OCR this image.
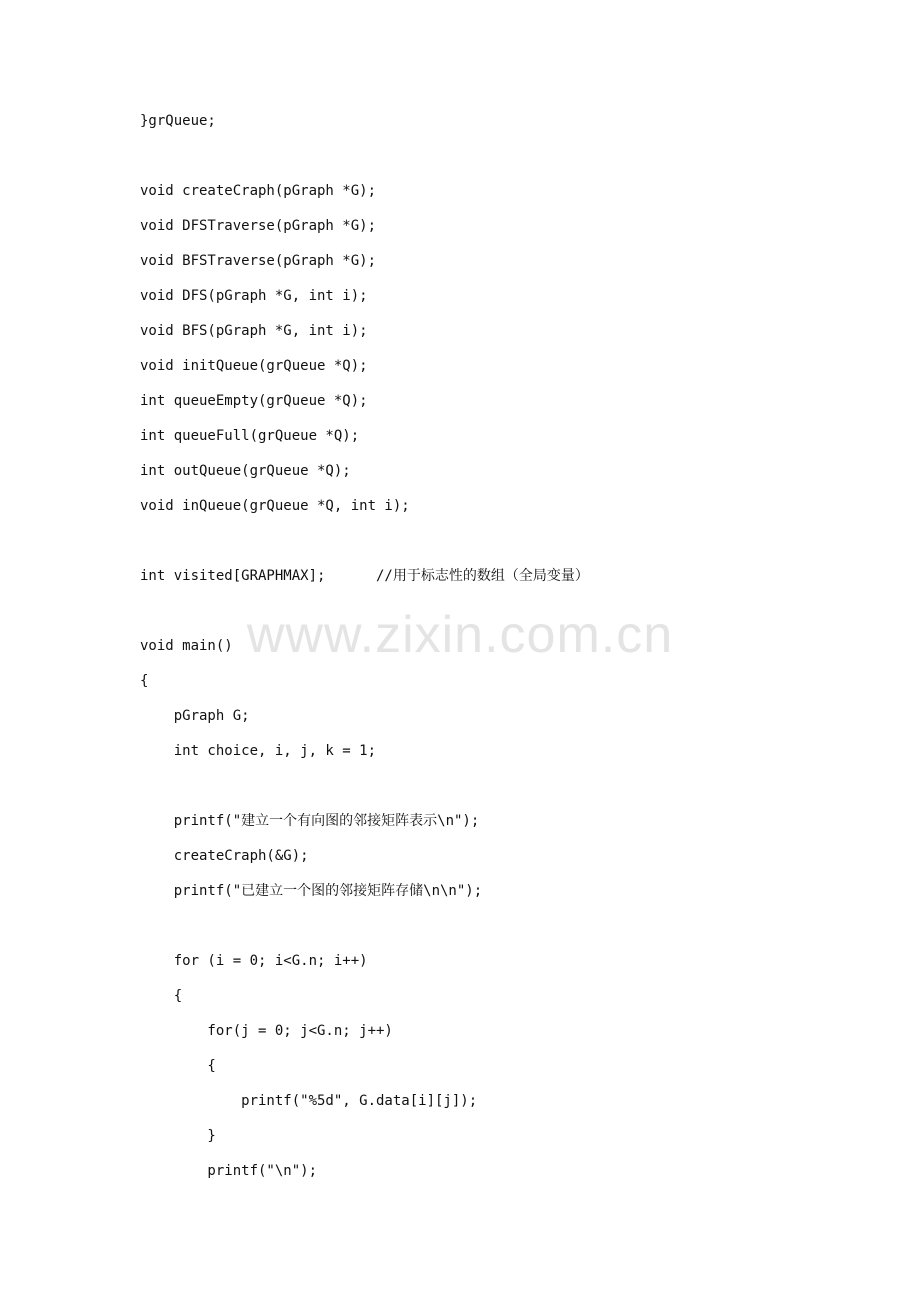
}grQueue;
void createCraph(pGraph *G);
void DFSTraverse(pGraph *G);
void BFSTraverse(pGraph *G);
void DFS(pGraph *G, int i);
void BFS(pGraph *G, int i);
void initQueue(grQueue *Q);
int queueEmpty(grQueue *Q);
int queueFull(grQueue *Q);
int outQueue(grQueue *Q);
void inQueue(grQueue *Q, int i);
int visited[GRAPHMAX];      //用于标志性的数组（全局变量）
void main()
{
pGraph G;
int choice, i, j, k = 1;
printf("建立一个有向图的邻接矩阵表示\n");
createCraph(&G);
printf("已建立一个图的邻接矩阵存储\n\n");
for (i = 0; i<G.n; i++)
{
for(j = 0; j<G.n; j++)
{
printf("%5d", G.data[i][j]);
}
printf("\n");
www.zixin.com.cn
